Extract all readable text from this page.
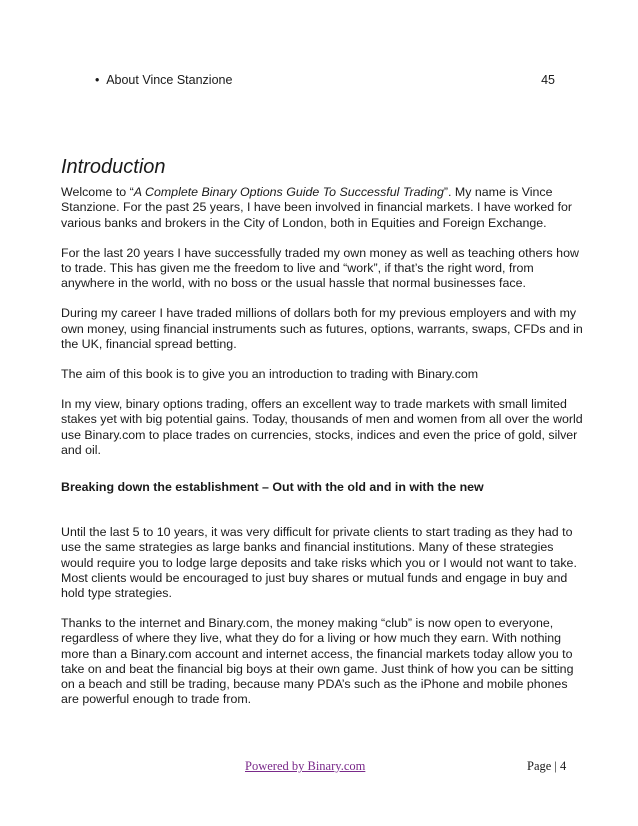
• About Vince Stanzione	45
Introduction

Welcome to “A Complete Binary Options Guide To Successful Trading”. My name is Vince Stanzione. For the past 25 years, I have been involved in financial markets. I have worked for various banks and brokers in the City of London, both in Equities and Foreign Exchange.

For the last 20 years I have successfully traded my own money as well as teaching others how to trade. This has given me the freedom to live and “work”, if that’s the right word, from anywhere in the world, with no boss or the usual hassle that normal businesses face.

During my career I have traded millions of dollars both for my previous employers and with my own money, using financial instruments such as futures, options, warrants, swaps, CFDs and in the UK, financial spread betting.

The aim of this book is to give you an introduction to trading with Binary.com

In my view, binary options trading, offers an excellent way to trade markets with small limited stakes yet with big potential gains. Today, thousands of men and women from all over the world use Binary.com to place trades on currencies, stocks, indices and even the price of gold, silver and oil.

Breaking down the establishment – Out with the old and in with the new

Until the last 5 to 10 years, it was very difficult for private clients to start trading as they had to use the same strategies as large banks and financial institutions. Many of these strategies would require you to lodge large deposits and take risks which you or I would not want to take. Most clients would be encouraged to just buy shares or mutual funds and engage in buy and hold type strategies.

Thanks to the internet and Binary.com, the money making “club” is now open to everyone, regardless of where they live, what they do for a living or how much they earn. With nothing more than a Binary.com account and internet access, the financial markets today allow you to take on and beat the financial big boys at their own game. Just think of how you can be sitting on a beach and still be trading, because many PDA’s such as the iPhone and mobile phones are powerful enough to trade from.

Powered by Binary.com	Page | 4
